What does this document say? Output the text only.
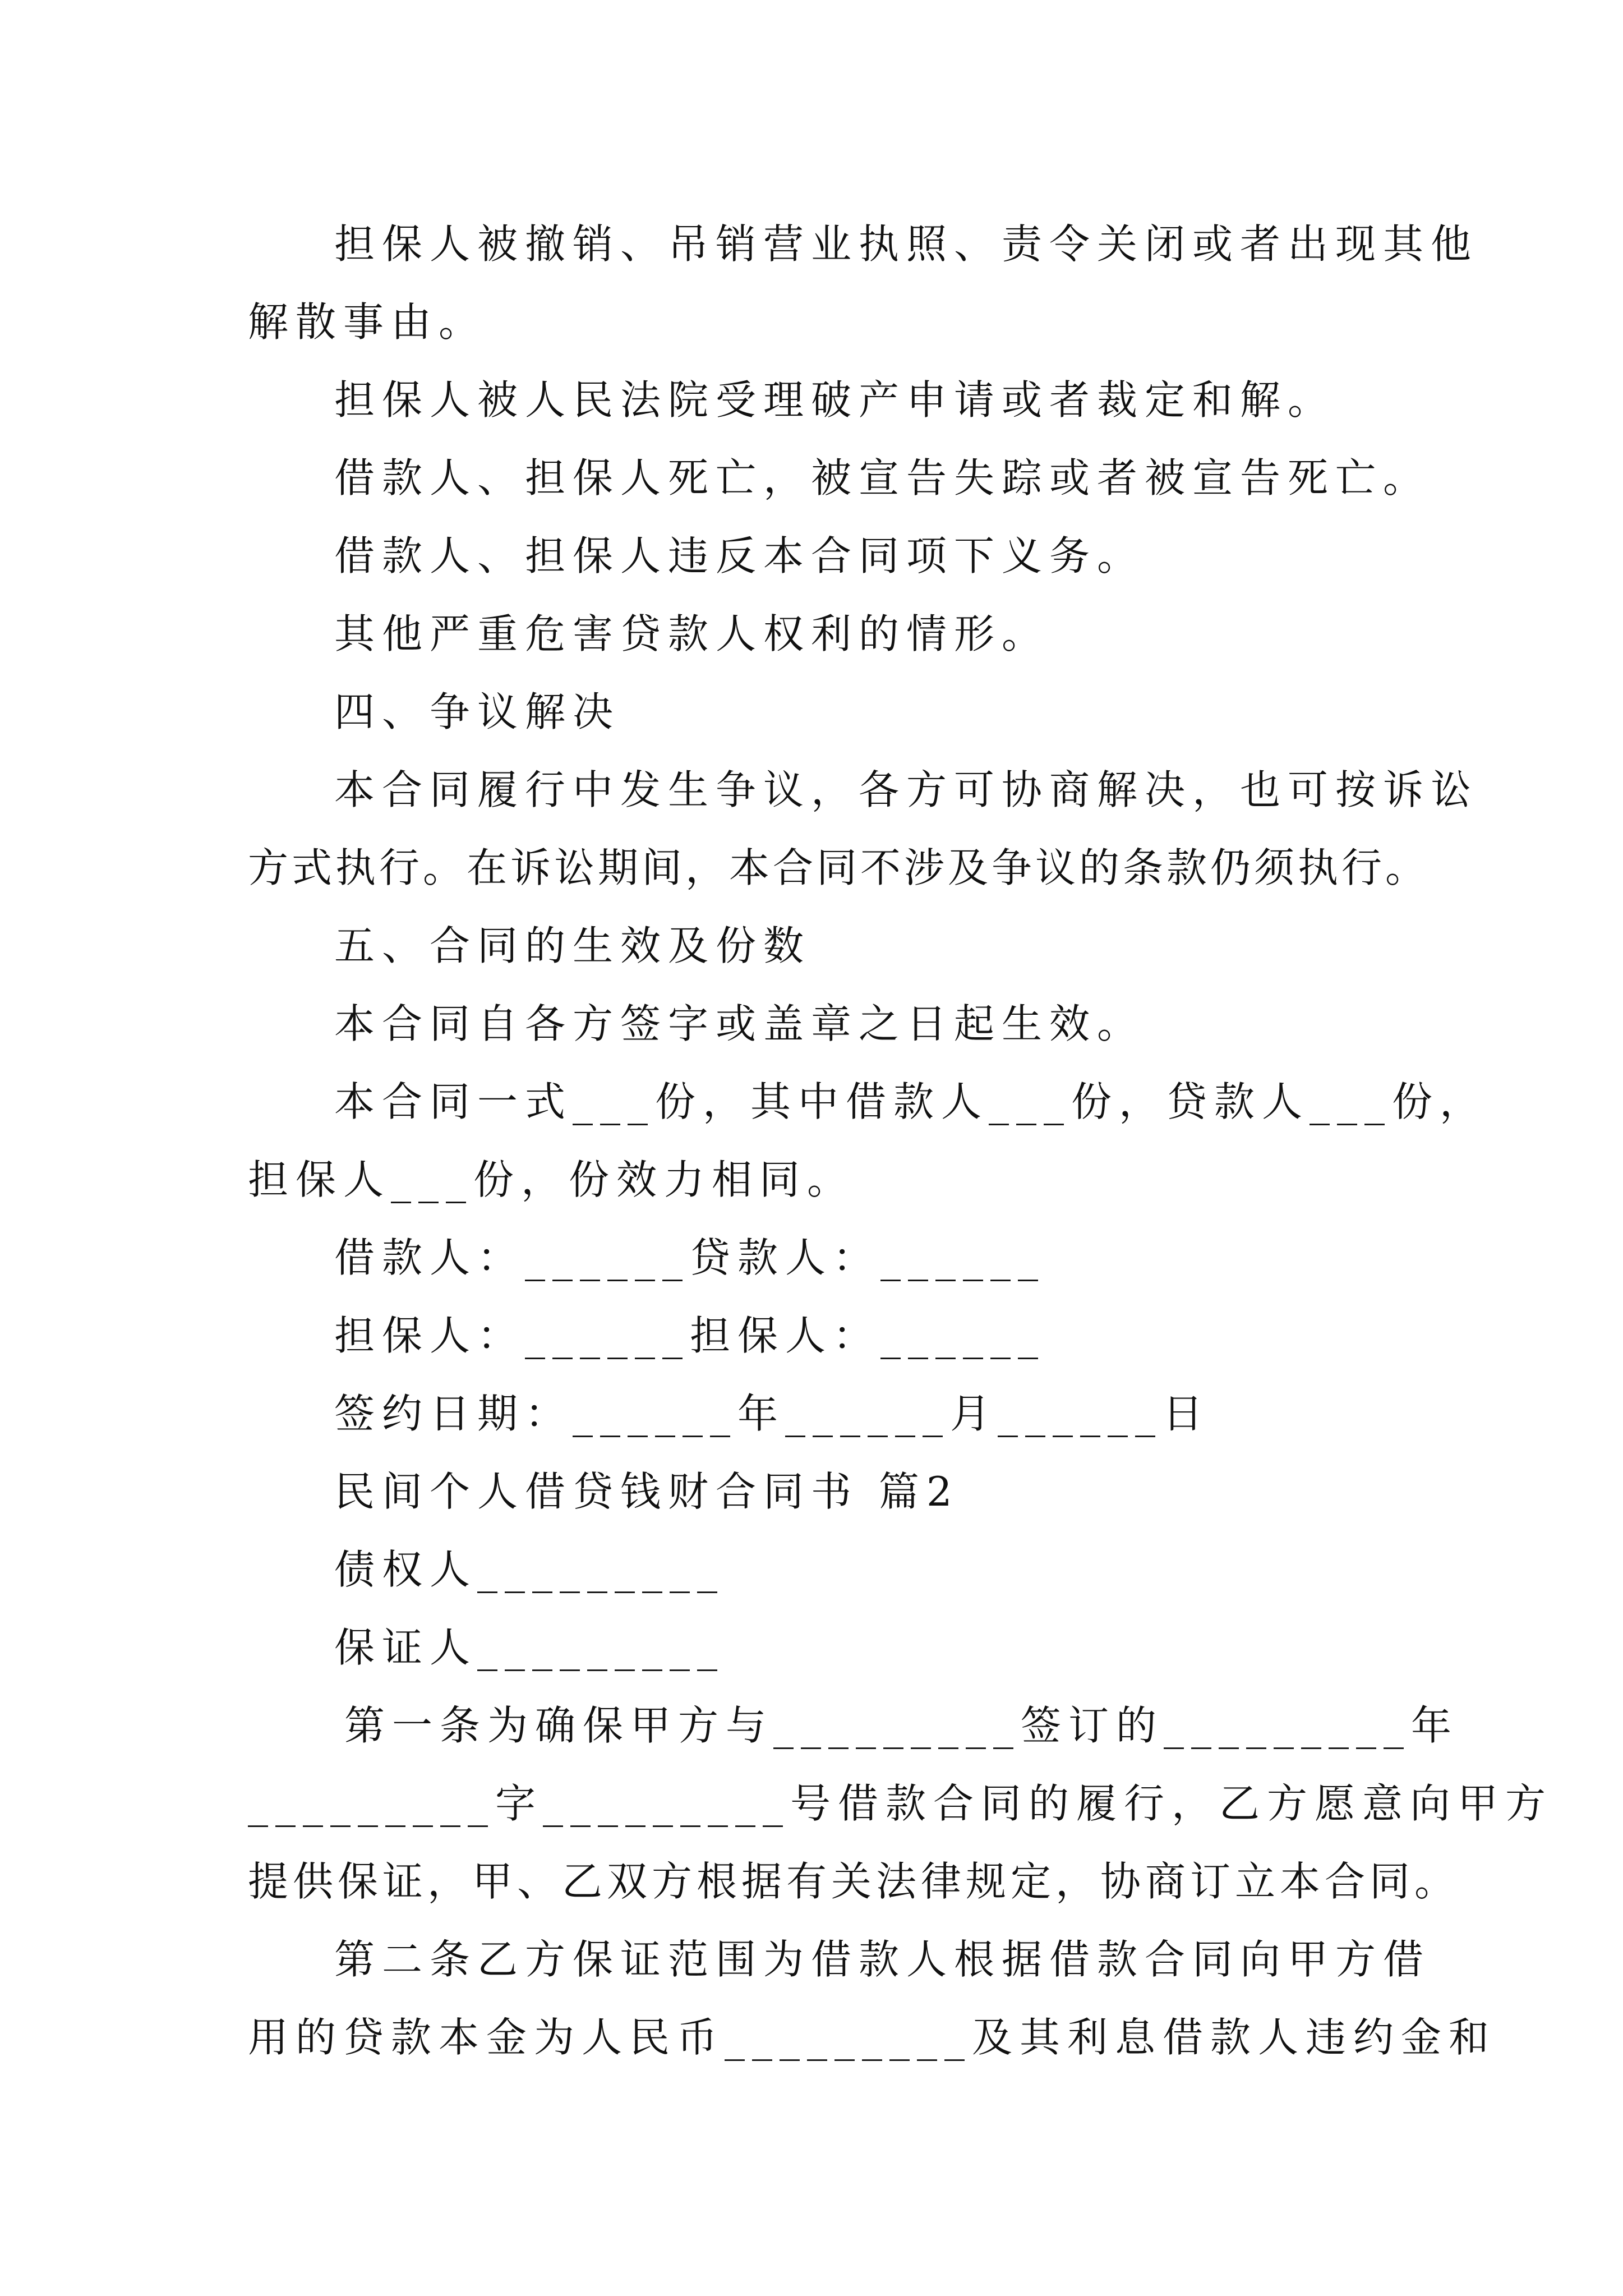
担保人被撤销、吊销营业执照、责令关闭或者出现其他

解散事由。

担保人被人民法院受理破产申请或者裁定和解。

借款人、担保人死亡，被宣告失踪或者被宣告死亡。

借款人、担保人违反本合同项下义务。

其他严重危害贷款人权利的情形。

四、争议解决

本合同履行中发生争议，各方可协商解决，也可按诉讼

方式执行。在诉讼期间，本合同不涉及争议的条款仍须执行。

五、合同的生效及份数

本合同自各方签字或盖章之日起生效。

本合同一式___份，其中借款人___份，贷款人___份，

担保人___份，份效力相同。

借款人：______贷款人：______

担保人：______担保人：______

签约日期：______年______月______日

民间个人借贷钱财合同书 篇2

债权人_________

保证人_________

第一条为确保甲方与_________签订的_________年

_________字_________号借款合同的履行，乙方愿意向甲方

提供保证，甲、乙双方根据有关法律规定，协商订立本合同。

第二条乙方保证范围为借款人根据借款合同向甲方借

用的贷款本金为人民币_________及其利息借款人违约金和
